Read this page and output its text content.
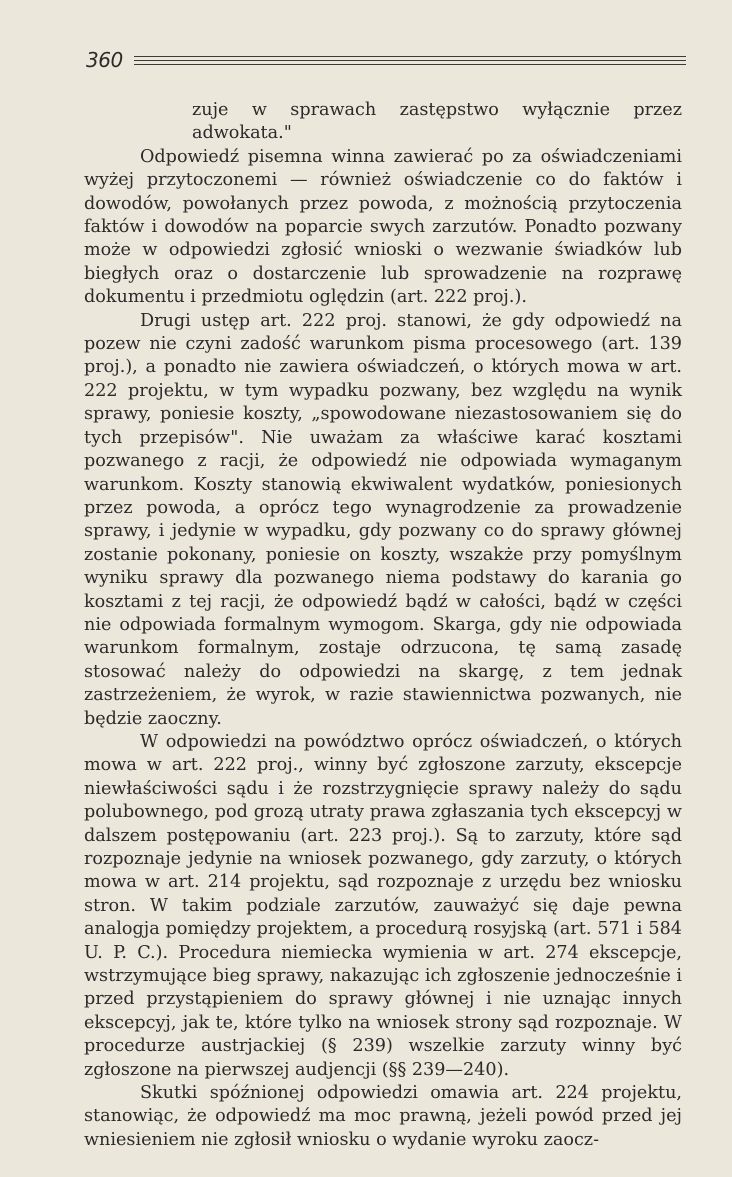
360

zuje w sprawach zastępstwo wyłącznie przez adwokata."

Odpowiedź pisemna winna zawierać po za oświadczeniami wyżej przytoczonemi — również oświadczenie co do faktów i dowodów, powołanych przez powoda, z możnością przytoczenia faktów i dowodów na poparcie swych zarzutów. Ponadto pozwany może w odpowiedzi zgłosić wnioski o wezwanie świadków lub biegłych oraz o dostarczenie lub sprowadzenie na rozprawę dokumentu i przedmiotu oględzin (art. 222 proj.).

Drugi ustęp art. 222 proj. stanowi, że gdy odpowiedź na pozew nie czyni zadość warunkom pisma procesowego (art. 139 proj.), a ponadto nie zawiera oświadczeń, o których mowa w art. 222 projektu, w tym wypadku pozwany, bez względu na wynik sprawy, poniesie koszty, „spowodowane niezastosowaniem się do tych przepisów". Nie uważam za właściwe karać kosztami pozwanego z racji, że odpowiedź nie odpowiada wymaganym warunkom. Koszty stanowią ekwiwalent wydatków, poniesionych przez powoda, a oprócz tego wynagrodzenie za prowadzenie sprawy, i jedynie w wypadku, gdy pozwany co do sprawy głównej zostanie pokonany, poniesie on koszty, wszakże przy pomyślnym wyniku sprawy dla pozwanego niema podstawy do karania go kosztami z tej racji, że odpowiedź bądź w całości, bądź w części nie odpowiada formalnym wymogom. Skarga, gdy nie odpowiada warunkom formalnym, zostaje odrzucona, tę samą zasadę stosować należy do odpowiedzi na skargę, z tem jednak zastrzeżeniem, że wyrok, w razie stawiennictwa pozwanych, nie będzie zaoczny.

W odpowiedzi na powództwo oprócz oświadczeń, o których mowa w art. 222 proj., winny być zgłoszone zarzuty, ekscepcje niewłaściwości sądu i że rozstrzygnięcie sprawy należy do sądu polubownego, pod grozą utraty prawa zgłaszania tych ekscepcyj w dalszem postępowaniu (art. 223 proj.). Są to zarzuty, które sąd rozpoznaje jedynie na wniosek pozwanego, gdy zarzuty, o których mowa w art. 214 projektu, sąd rozpoznaje z urzędu bez wniosku stron. W takim podziale zarzutów, zauważyć się daje pewna analogja pomiędzy projektem, a procedurą rosyjską (art. 571 i 584 U. P. C.). Procedura niemiecka wymienia w art. 274 ekscepcje, wstrzymujące bieg sprawy, nakazując ich zgłoszenie jednocześnie i przed przystąpieniem do sprawy głównej i nie uznając innych ekscepcyj, jak te, które tylko na wniosek strony sąd rozpoznaje. W procedurze austrjackiej (§ 239) wszelkie zarzuty winny być zgłoszone na pierwszej audjencji (§§ 239—240).

Skutki spóźnionej odpowiedzi omawia art. 224 projektu, stanowiąc, że odpowiedź ma moc prawną, jeżeli powód przed jej wniesieniem nie zgłosił wniosku o wydanie wyroku zaocz-
